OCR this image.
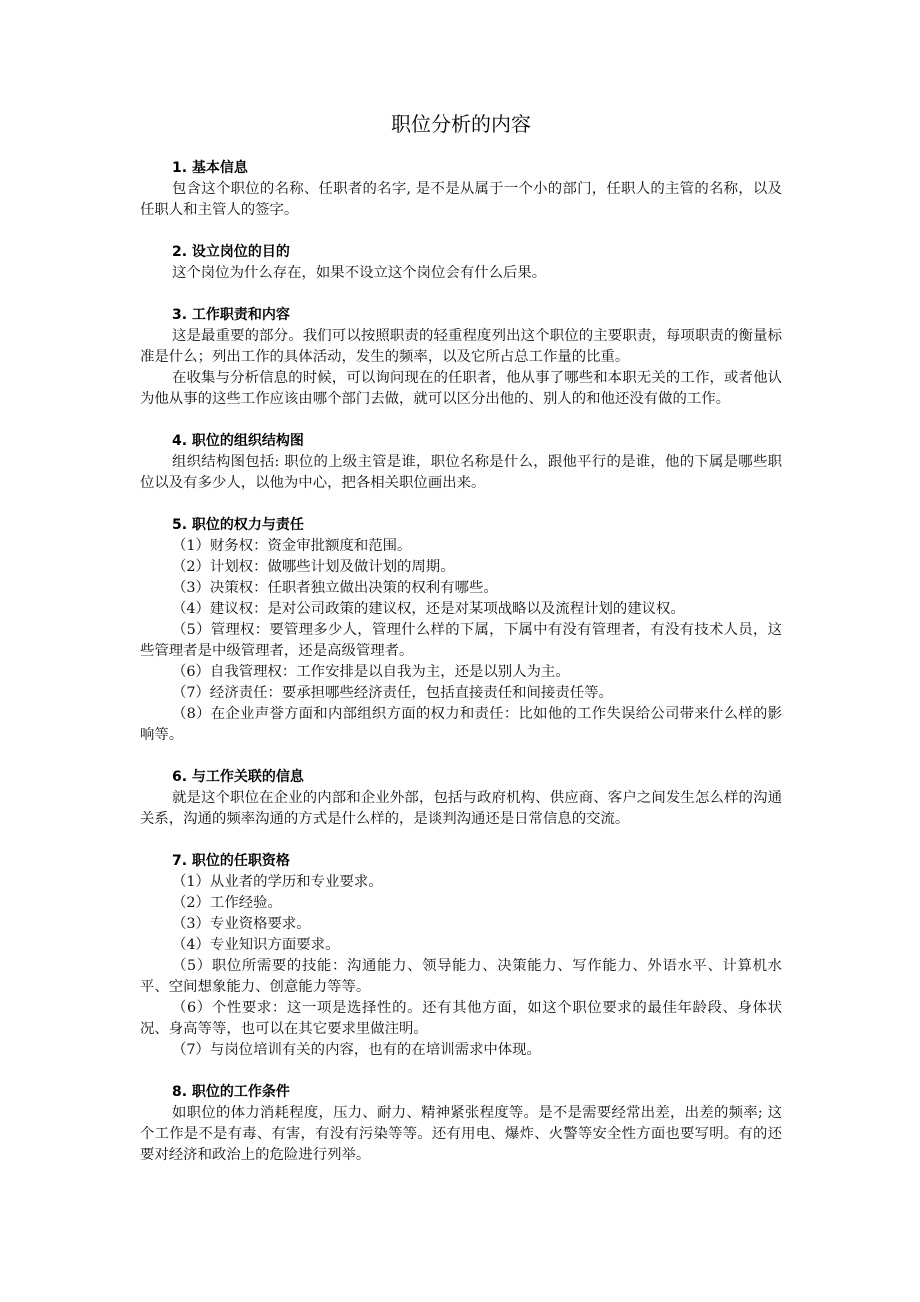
职位分析的内容
1. 基本信息

包含这个职位的名称、任职者的名字, 是不是从属于一个小的部门，任职人的主管的名称，以及任职人和主管人的签字。

2. 设立岗位的目的

这个岗位为什么存在，如果不设立这个岗位会有什么后果。

3. 工作职责和内容

这是最重要的部分。我们可以按照职责的轻重程度列出这个职位的主要职责，每项职责的衡量标准是什么；列出工作的具体活动，发生的频率，以及它所占总工作量的比重。

在收集与分析信息的时候，可以询问现在的任职者，他从事了哪些和本职无关的工作，或者他认为他从事的这些工作应该由哪个部门去做，就可以区分出他的、别人的和他还没有做的工作。

4. 职位的组织结构图

组织结构图包括: 职位的上级主管是谁，职位名称是什么，跟他平行的是谁，他的下属是哪些职位以及有多少人，以他为中心，把各相关职位画出来。

5. 职位的权力与责任

（1）财务权：资金审批额度和范围。

（2）计划权：做哪些计划及做计划的周期。

（3）决策权：任职者独立做出决策的权利有哪些。

（4）建议权：是对公司政策的建议权，还是对某项战略以及流程计划的建议权。

（5）管理权：要管理多少人，管理什么样的下属，下属中有没有管理者，有没有技术人员，这些管理者是中级管理者，还是高级管理者。

（6）自我管理权：工作安排是以自我为主，还是以别人为主。

（7）经济责任：要承担哪些经济责任，包括直接责任和间接责任等。

（8）在企业声誉方面和内部组织方面的权力和责任：比如他的工作失误给公司带来什么样的影响等。

6. 与工作关联的信息

就是这个职位在企业的内部和企业外部，包括与政府机构、供应商、客户之间发生怎么样的沟通关系，沟通的频率沟通的方式是什么样的，是谈判沟通还是日常信息的交流。

7. 职位的任职资格

（1）从业者的学历和专业要求。

（2）工作经验。

（3）专业资格要求。

（4）专业知识方面要求。

（5）职位所需要的技能：沟通能力、领导能力、决策能力、写作能力、外语水平、计算机水平、空间想象能力、创意能力等等。

（6）个性要求：这一项是选择性的。还有其他方面，如这个职位要求的最佳年龄段、身体状况、身高等等，也可以在其它要求里做注明。

（7）与岗位培训有关的内容，也有的在培训需求中体现。

8. 职位的工作条件

如职位的体力消耗程度，压力、耐力、精神紧张程度等。是不是需要经常出差，出差的频率; 这个工作是不是有毒、有害，有没有污染等等。还有用电、爆炸、火警等安全性方面也要写明。有的还要对经济和政治上的危险进行列举。
